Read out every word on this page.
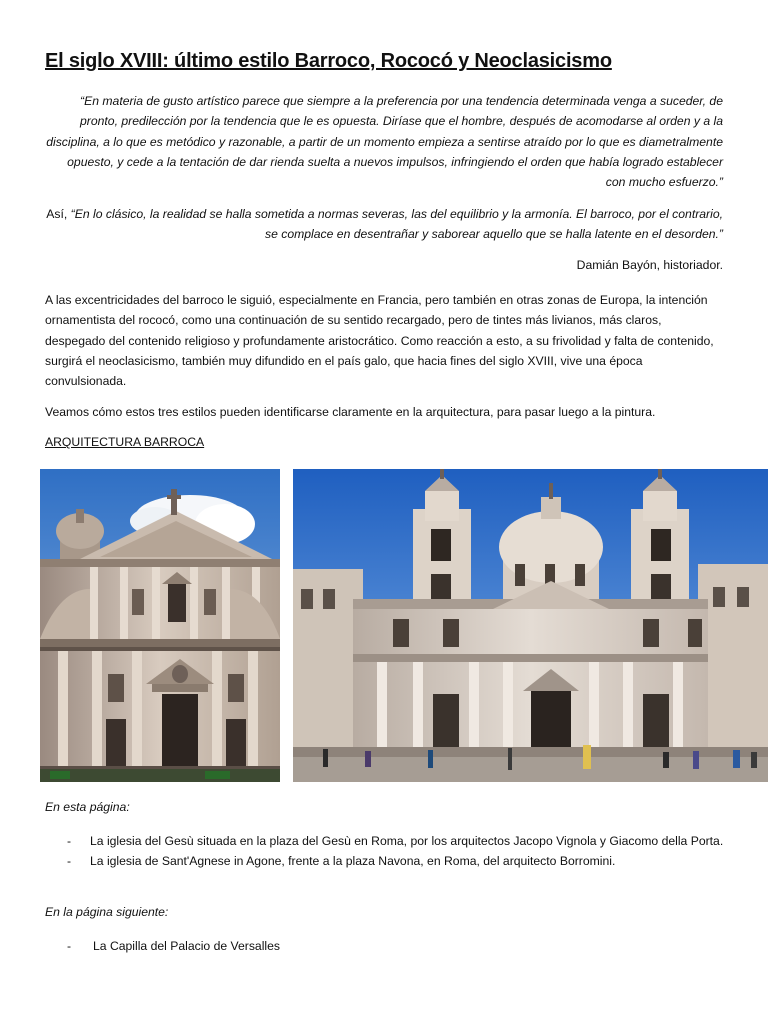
El siglo XVIII: último estilo Barroco, Rococó y Neoclasicismo

“En materia de gusto artístico parece que siempre a la preferencia por una tendencia determinada venga a suceder, de pronto, predilección por la tendencia que le es opuesta. Diríase que el hombre, después de acomodarse al orden y a la disciplina, a lo que es metódico y razonable, a partir de un momento empieza a sentirse atraído por lo que es diametralmente opuesto, y cede a la tentación de dar rienda suelta a nuevos impulsos, infringiendo el orden que había logrado establecer con mucho esfuerzo.”

Así, “En lo clásico, la realidad se halla sometida a normas severas, las del equilibrio y la armonía. El barroco, por el contrario, se complace en desentrañar y saborear aquello que se halla latente en el desorden.”

Damián Bayón, historiador.

A las excentricidades del barroco le siguió, especialmente en Francia, pero también en otras zonas de Europa, la intención ornamentista del rococó, como una continuación de su sentido recargado, pero de tintes más livianos, más claros, despegado del contenido religioso y profundamente aristocrático. Como reacción a esto, a su frivolidad y falta de contenido, surgirá el neoclasicismo, también muy difundido en el país galo, que hacia fines del siglo XVIII, vive una época convulsionada.

Veamos cómo estos tres estilos pueden identificarse claramente en la arquitectura, para pasar luego a la pintura.

ARQUITECTURA BARROCA

En esta página:

- La iglesia del Gesù situada en la plaza del Gesù en Roma, por los arquitectos Jacopo Vignola y Giacomo della Porta.
- La iglesia de Sant'Agnese in Agone, frente a la plaza Navona, en Roma, del arquitecto Borromini.

En la página siguiente:

- La Capilla del Palacio de Versalles
